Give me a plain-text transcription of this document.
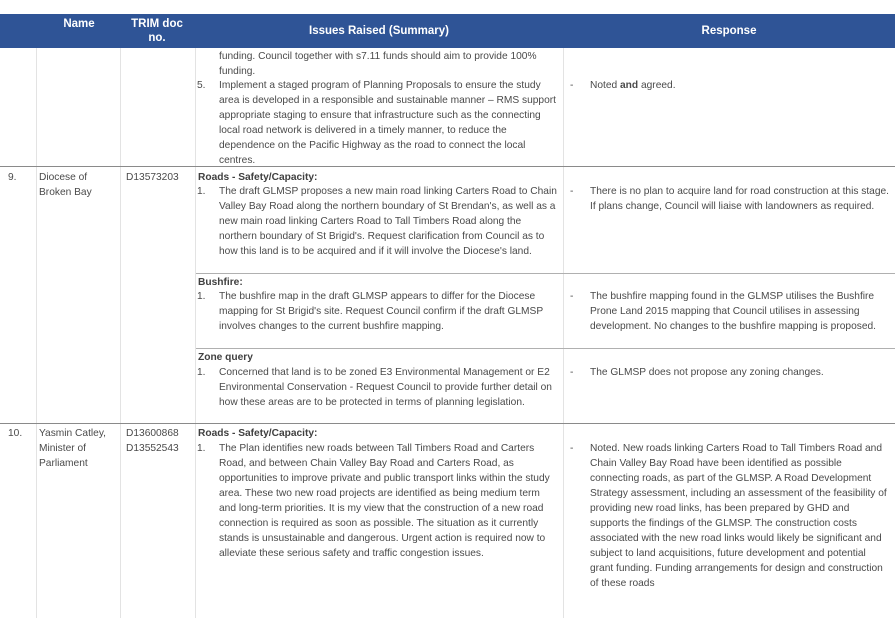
Name	TRIM doc no.
Issues Raised (Summary)	Response
funding. Council together with s7.11 funds should aim to provide 100% funding.
5. Implement a staged program of Planning Proposals to ensure the study area is developed in a responsible and sustainable manner – RMS support appropriate staging to ensure that infrastructure such as the connecting local road network is delivered in a timely manner, to reduce the dependence on the Pacific Highway as the road to connect the local centres.
- Noted and agreed.
9. Diocese of Broken Bay
D13573203 Roads - Safety/Capacity:
1. The draft GLMSP proposes a new main road linking Carters Road to Chain Valley Bay Road along the northern boundary of St Brendan's, as well as a new main road linking Carters Road to Tall Timbers Road along the northern boundary of St Brigid's. Request clarification from Council as to how this land is to be acquired and if it will involve the Diocese's land.
- There is no plan to acquire land for road construction at this stage. If plans change, Council will liaise with landowners as required.
Bushfire:
1. The bushfire map in the draft GLMSP appears to differ for the Diocese mapping for St Brigid's site. Request Council confirm if the draft GLMSP involves changes to the current bushfire mapping.
- The bushfire mapping found in the GLMSP utilises the Bushfire Prone Land 2015 mapping that Council utilises in assessing development. No changes to the bushfire mapping is proposed.
Zone query
1. Concerned that land is to be zoned E3 Environmental Management or E2 Environmental Conservation - Request Council to provide further detail on how these areas are to be protected in terms of planning legislation.
- The GLMSP does not propose any zoning changes.
10. Yasmin Catley, Minister of Parliament
D13600868
D13552543
Roads - Safety/Capacity:
1. The Plan identifies new roads between Tall Timbers Road and Carters Road, and between Chain Valley Bay Road and Carters Road, as opportunities to improve private and public transport links within the study area. These two new road projects are identified as being medium term and long-term priorities. It is my view that the construction of a new road connection is required as soon as possible. The situation as it currently stands is unsustainable and dangerous. Urgent action is required now to alleviate these serious safety and traffic congestion issues.
- Noted. New roads linking Carters Road to Tall Timbers Road and Chain Valley Bay Road have been identified as possible connecting roads, as part of the GLMSP. A Road Development Strategy assessment, including an assessment of the feasibility of providing new road links, has been prepared by GHD and supports the findings of the GLMSP. The construction costs associated with the new road links would likely be significant and subject to land acquisitions, future development and potential grant funding. Funding arrangements for design and construction of these roads
